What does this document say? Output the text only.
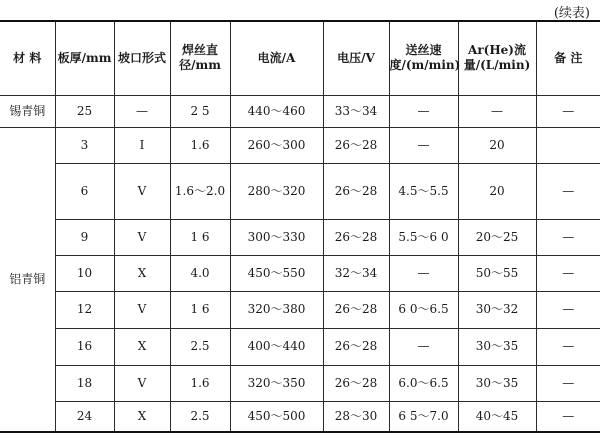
(续表)
材 料	板厚/mm	坡口形式	焊丝直径/mm	电流/A	电压/V	送丝速度/(m/min)	Ar(He)流量/(L/min)	备 注
锡青铜	25	—	2 5	440～460	33～34	—	—	—
铝青铜	3	I	1.6	260～300	26～28	—	20	
	6	V	1.6～2.0	280～320	26～28	4.5～5.5	20	—
	9	V	1 6	300～330	26～28	5.5～6 0	20～25	—
	10	X	4.0	450～550	32～34	—	50～55	—
	12	V	1 6	320～380	26～28	6 0～6.5	30～32	—
	16	X	2.5	400～440	26～28	—	30～35	—
	18	V	1.6	320～350	26～28	6.0～6.5	30～35	—
	24	X	2.5	450～500	28～30	6 5～7.0	40～45	—
